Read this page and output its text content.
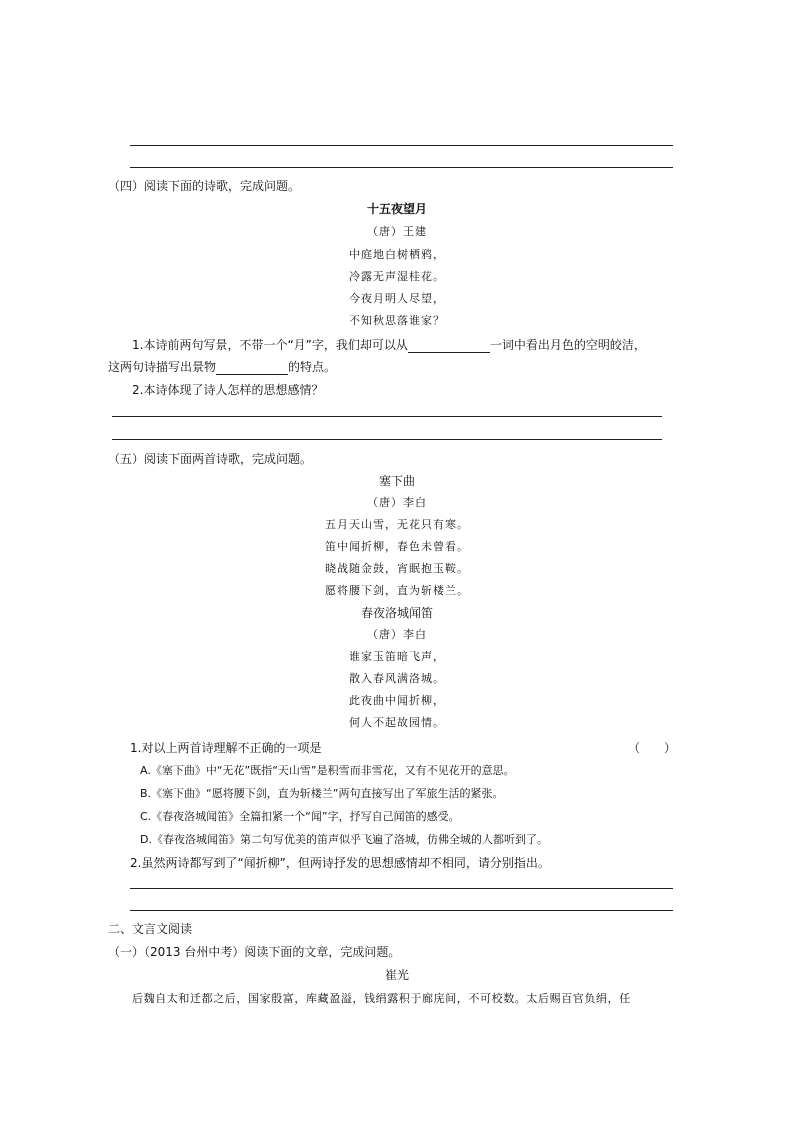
（四）阅读下面的诗歌，完成问题。
十五夜望月
（唐）王建
中庭地白树栖鸦，
冷露无声湿桂花。
今夜月明人尽望，
不知秋思落谁家？
1.本诗前两句写景，不带一个“月”字，我们却可以从	一词中看出月色的空明皎洁，
这两句诗描写出景物	的特点。
2.本诗体现了诗人怎样的思想感情？
（五）阅读下面两首诗歌，完成问题。
塞下曲
（唐）李白
五月天山雪，无花只有寒。
笛中闻折柳，春色未曾看。
晓战随金鼓，宵眠抱玉鞍。
愿将腰下剑，直为斩楼兰。
春夜洛城闻笛
（唐）李白
谁家玉笛暗飞声，
散入春风满洛城。
此夜曲中闻折柳，
何人不起故园情。
1.对以上两首诗理解不正确的一项是	（　　）
A.《塞下曲》中“无花”既指“天山雪”是积雪而非雪花，又有不见花开的意思。
B.《塞下曲》“愿将腰下剑，直为斩楼兰”两句直接写出了军旅生活的紧张。
C.《春夜洛城闻笛》全篇扣紧一个“闻”字，抒写自己闻笛的感受。
D.《春夜洛城闻笛》第二句写优美的笛声似乎飞遍了洛城，仿佛全城的人都听到了。
2.虽然两诗都写到了“闻折柳”，但两诗抒发的思想感情却不相同，请分别指出。
二、文言文阅读
（一）（2013 台州中考）阅读下面的文章，完成问题。
崔光
后魏自太和迁都之后，国家殷富，库藏盈溢，钱绢露积于廊庑间，不可校数。太后赐百官负绢，任
